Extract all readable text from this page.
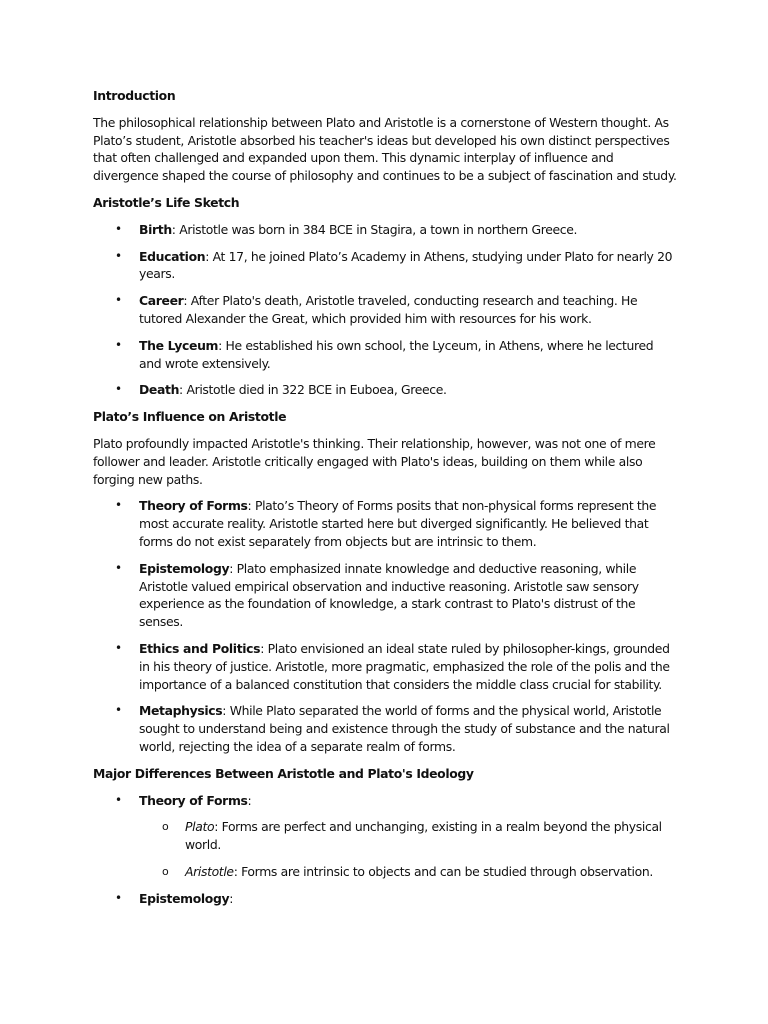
Introduction

The philosophical relationship between Plato and Aristotle is a cornerstone of Western thought. As Plato’s student, Aristotle absorbed his teacher's ideas but developed his own distinct perspectives that often challenged and expanded upon them. This dynamic interplay of influence and divergence shaped the course of philosophy and continues to be a subject of fascination and study.

Aristotle’s Life Sketch
• Birth: Aristotle was born in 384 BCE in Stagira, a town in northern Greece.
• Education: At 17, he joined Plato’s Academy in Athens, studying under Plato for nearly 20 years.
• Career: After Plato's death, Aristotle traveled, conducting research and teaching. He tutored Alexander the Great, which provided him with resources for his work.
• The Lyceum: He established his own school, the Lyceum, in Athens, where he lectured and wrote extensively.
• Death: Aristotle died in 322 BCE in Euboea, Greece.
Plato’s Influence on Aristotle

Plato profoundly impacted Aristotle's thinking. Their relationship, however, was not one of mere follower and leader. Aristotle critically engaged with Plato's ideas, building on them while also forging new paths.

• Theory of Forms: Plato’s Theory of Forms posits that non-physical forms represent the most accurate reality. Aristotle started here but diverged significantly. He believed that forms do not exist separately from objects but are intrinsic to them.
• Epistemology: Plato emphasized innate knowledge and deductive reasoning, while Aristotle valued empirical observation and inductive reasoning. Aristotle saw sensory experience as the foundation of knowledge, a stark contrast to Plato's distrust of the senses.
• Ethics and Politics: Plato envisioned an ideal state ruled by philosopher-kings, grounded in his theory of justice. Aristotle, more pragmatic, emphasized the role of the polis and the importance of a balanced constitution that considers the middle class crucial for stability.
• Metaphysics: While Plato separated the world of forms and the physical world, Aristotle sought to understand being and existence through the study of substance and the natural world, rejecting the idea of a separate realm of forms.
Major Differences Between Aristotle and Plato's Ideology
• Theory of Forms:
o Plato: Forms are perfect and unchanging, existing in a realm beyond the physical world.
o Aristotle: Forms are intrinsic to objects and can be studied through observation.
• Epistemology:
